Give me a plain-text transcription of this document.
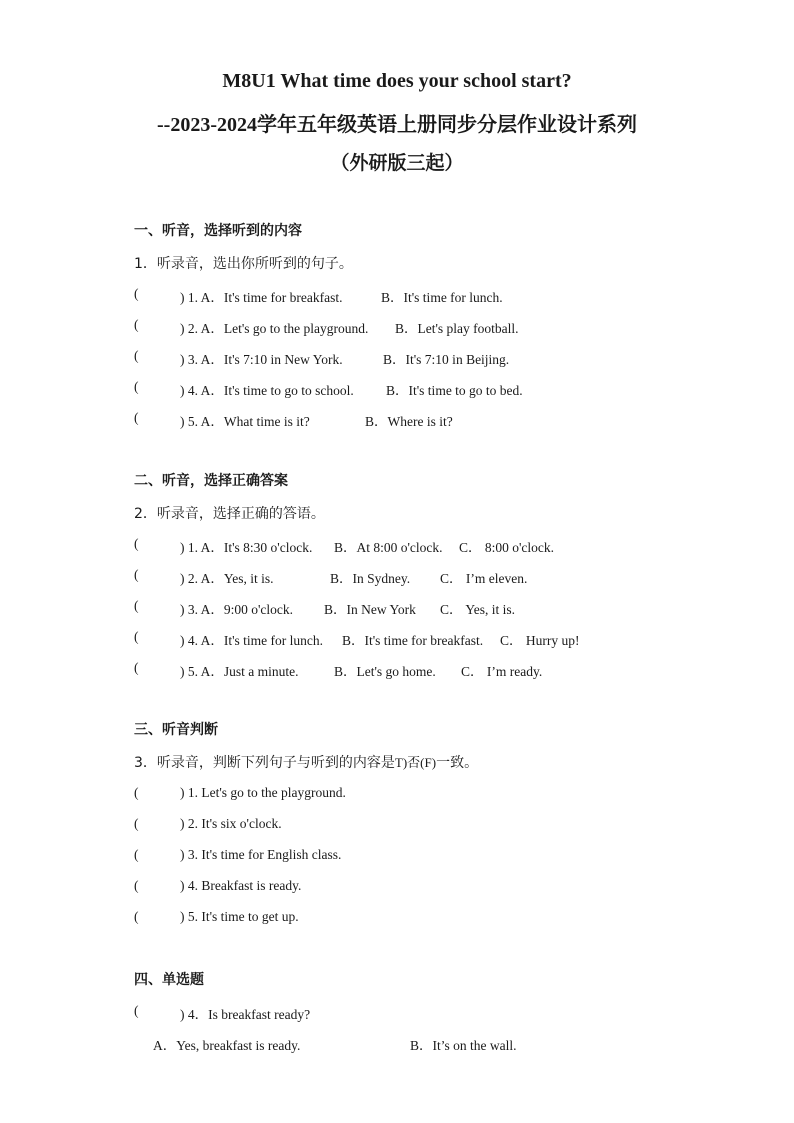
M8U1 What time does your school start?
--2023-2024学年五年级英语上册同步分层作业设计系列
（外研版三起）
一、听音，选择听到的内容
1．听录音，选出你所听到的句子。
(	) 1. A．It's time for breakfast.	B．It's time for lunch.
(	) 2. A．Let's go to the playground. B．Let's play football.
(	) 3. A．It's 7:10 in New York.	B．It's 7:10 in Beijing.
(	) 4. A．It's time to go to school. B．It's time to go to bed.
(	) 5. A．What time is it?	B．Where is it?
二、听音，选择正确答案
2．听录音，选择正确的答语。
(	) 1. A．It's 8:30 o'clock. B．At 8:00 o'clock. C． 8:00 o'clock.
(	) 2. A．Yes, it is.	B．In Sydney. C． I’m eleven.
(	) 3. A．9:00 o'clock. B．In New York C． Yes, it is.
(	) 4. A．It's time for lunch. B．It's time for breakfast. C． Hurry up!
(	) 5. A．Just a minute.	B．Let's go home. C． I’m ready.
三、听音判断
3．听录音，判断下列句子与听到的内容是T)否(F)一致。
(	) 1. Let's go to the playground.
(	) 2. It's six o'clock.
(	) 3. It's time for English class.
(	) 4. Breakfast is ready.
(	) 5. It's time to get up.
四、单选题
(	) 4．Is breakfast ready?
A．Yes, breakfast is ready.	B．It’s on the wall.
